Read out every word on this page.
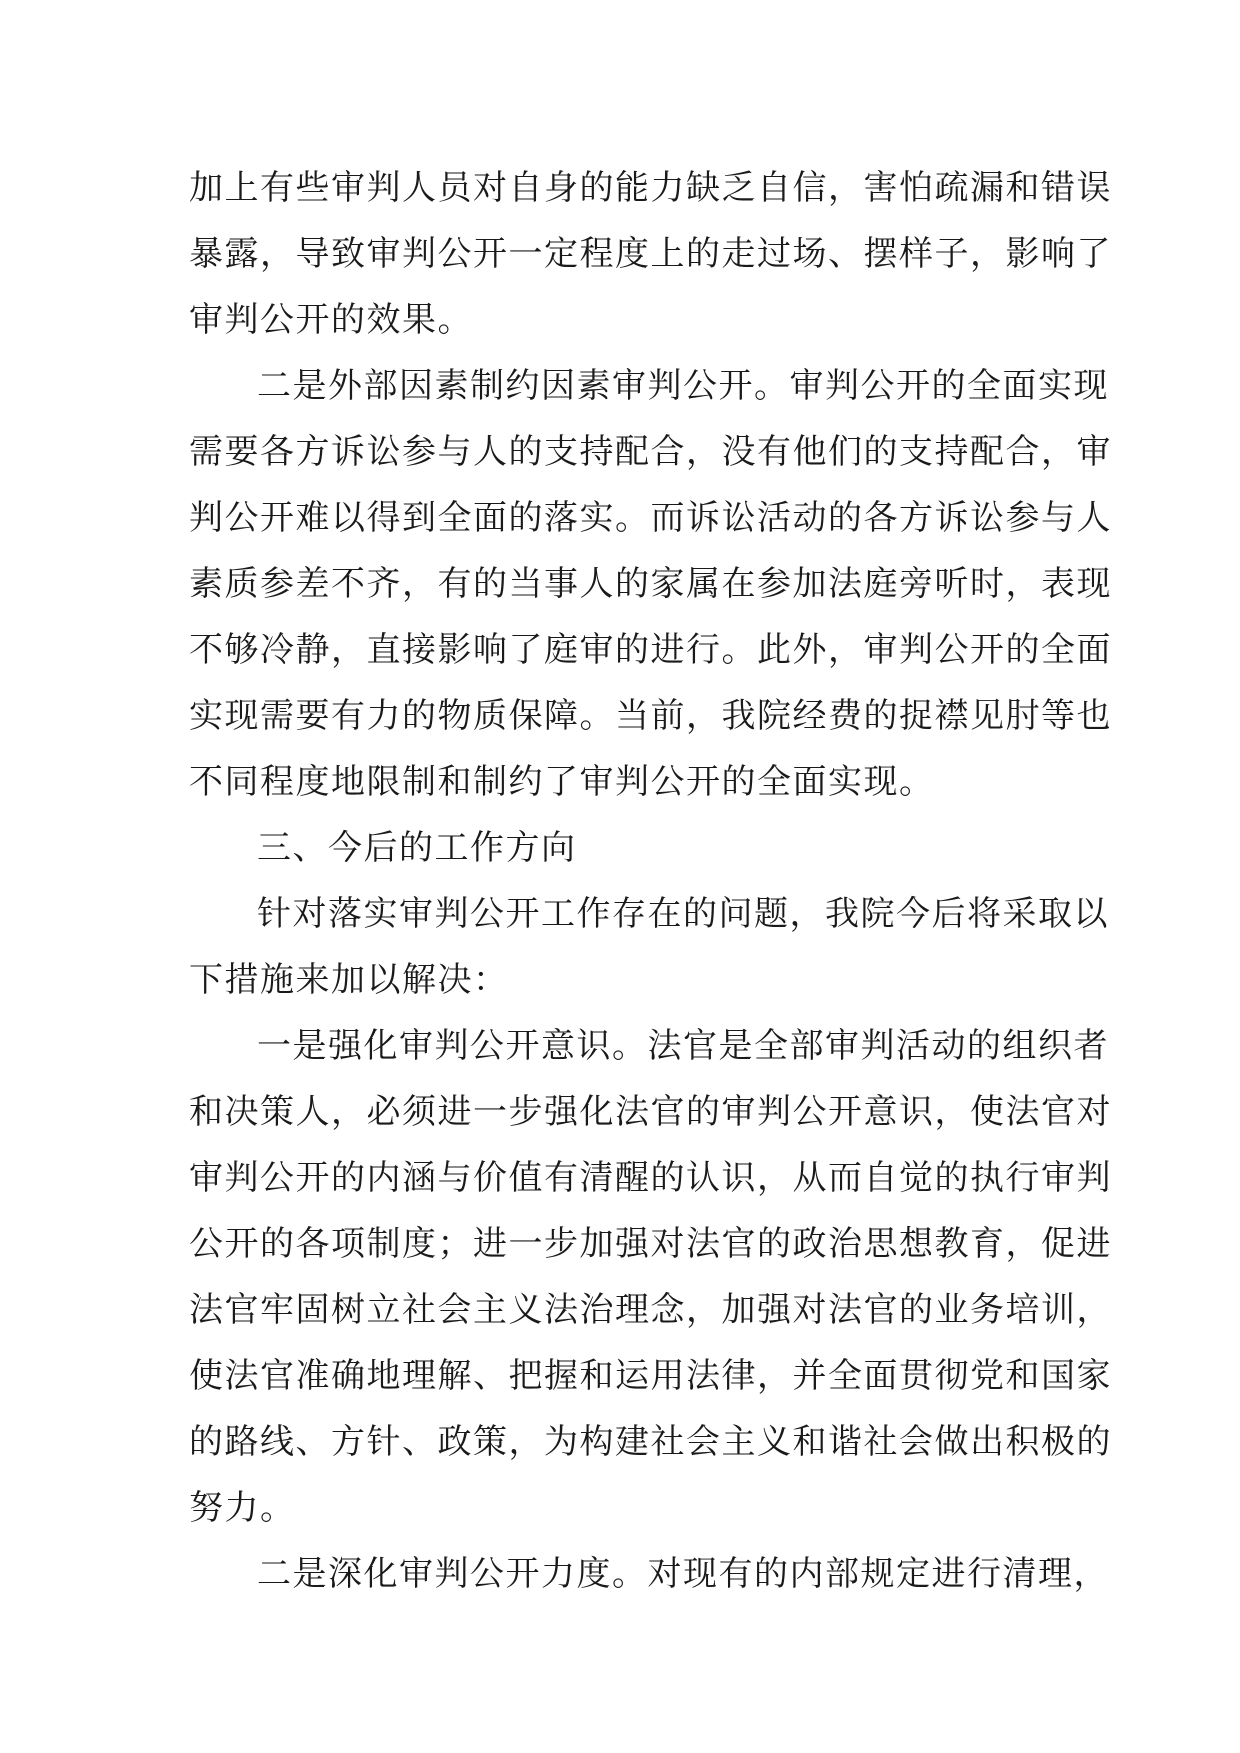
加上有些审判人员对自身的能力缺乏自信，害怕疏漏和错误
暴露，导致审判公开一定程度上的走过场、摆样子，影响了
审判公开的效果。
二是外部因素制约因素审判公开。审判公开的全面实现
需要各方诉讼参与人的支持配合，没有他们的支持配合，审
判公开难以得到全面的落实。而诉讼活动的各方诉讼参与人
素质参差不齐，有的当事人的家属在参加法庭旁听时，表现
不够冷静，直接影响了庭审的进行。此外，审判公开的全面
实现需要有力的物质保障。当前，我院经费的捉襟见肘等也
不同程度地限制和制约了审判公开的全面实现。
三、今后的工作方向
针对落实审判公开工作存在的问题，我院今后将采取以
下措施来加以解决：
一是强化审判公开意识。法官是全部审判活动的组织者
和决策人，必须进一步强化法官的审判公开意识，使法官对
审判公开的内涵与价值有清醒的认识，从而自觉的执行审判
公开的各项制度；进一步加强对法官的政治思想教育，促进
法官牢固树立社会主义法治理念，加强对法官的业务培训，
使法官准确地理解、把握和运用法律，并全面贯彻党和国家
的路线、方针、政策，为构建社会主义和谐社会做出积极的
努力。
二是深化审判公开力度。对现有的内部规定进行清理，
